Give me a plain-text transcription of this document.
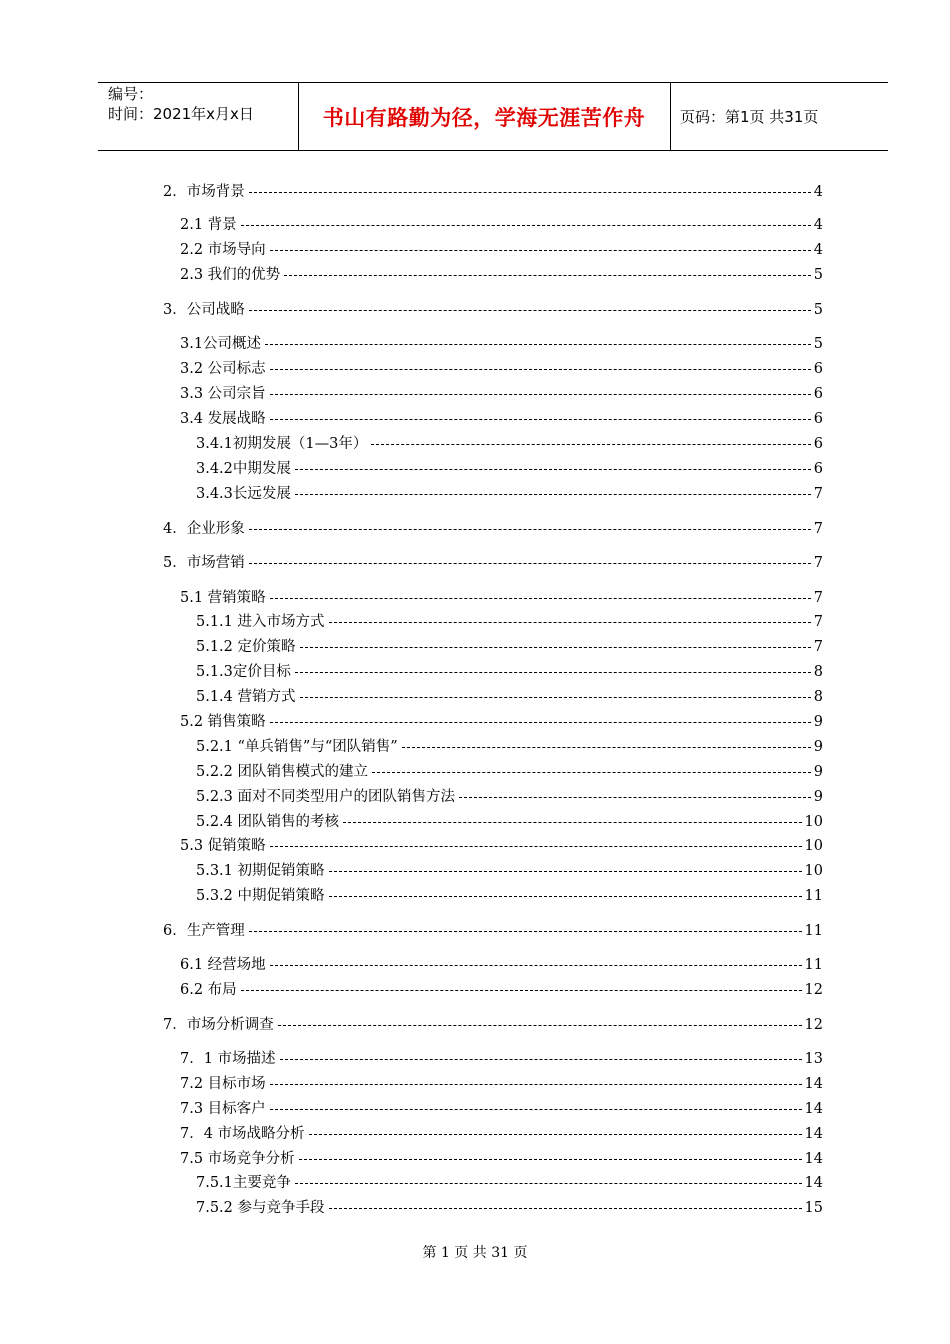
编号：
时间：2021年x月x日	书山有路勤为径，学海无涯苦作舟 页码：第1页 共31页
2．市场背景	4
2.1 背景	4
2.2 市场导向	4
2.3 我们的优势	5
3．公司战略	5
3.1公司概述	5
3.2 公司标志	6
3.3 公司宗旨	6
3.4 发展战略	6
3.4.1初期发展（1—3年）	6
3.4.2中期发展	6
3.4.3长远发展	7
4．企业形象	7
5．市场营销	7
5.1 营销策略	7
5.1.1 进入市场方式	7
5.1.2 定价策略	7
5.1.3定价目标	8
5.1.4 营销方式	8
5.2 销售策略	9
5.2.1 “单兵销售”与“团队销售”	9
5.2.2 团队销售模式的建立	9
5.2.3 面对不同类型用户的团队销售方法	9
5.2.4 团队销售的考核	10
5.3 促销策略	10
5.3.1 初期促销策略	10
5.3.2 中期促销策略	11
6．生产管理	11
6.1 经营场地	11
6.2 布局	12
7．市场分析调查	12
7．1 市场描述	13
7.2 目标市场	14
7.3 目标客户	14
7．4 市场战略分析	14
7.5 市场竞争分析	14
7.5.1主要竞争	14
7.5.2 参与竞争手段	15
第 1 页 共 31 页
